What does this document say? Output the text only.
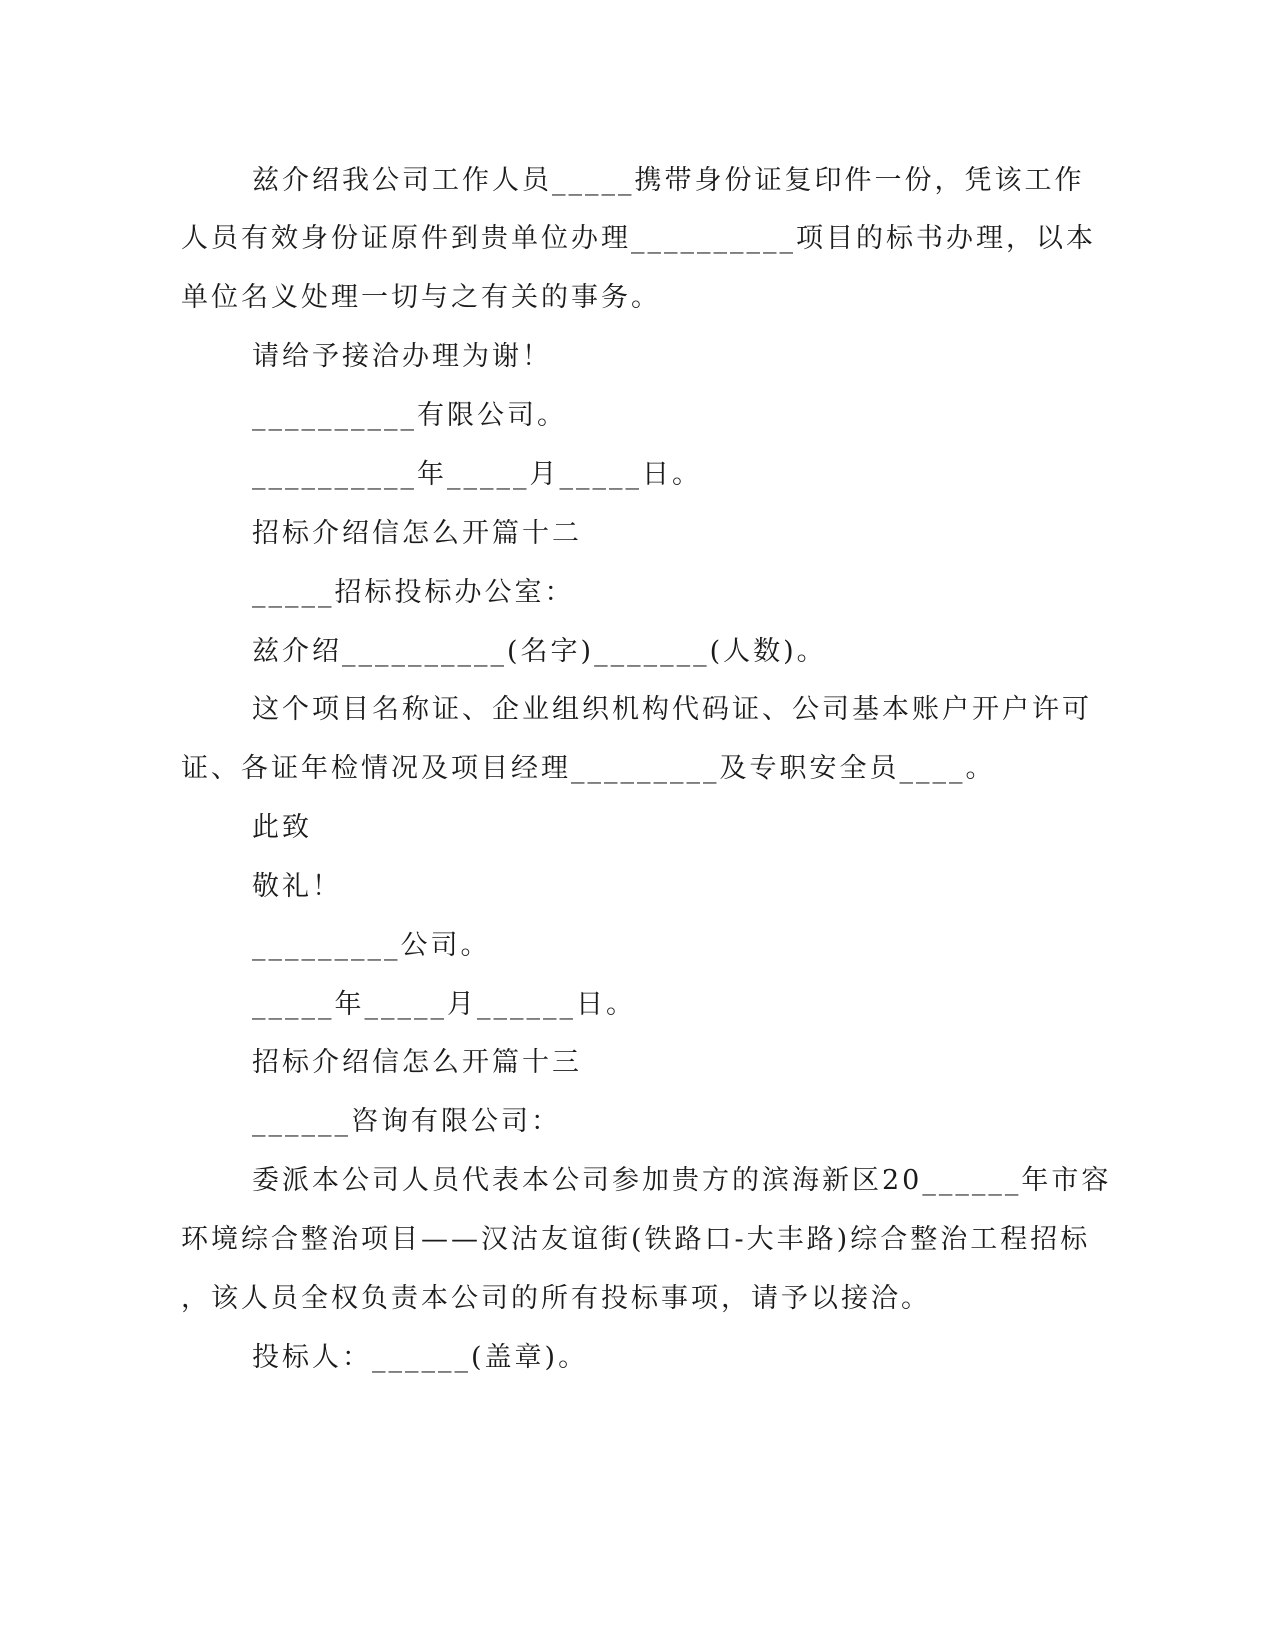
兹介绍我公司工作人员_____携带身份证复印件一份，凭该工作
人员有效身份证原件到贵单位办理__________项目的标书办理，以本
单位名义处理一切与之有关的事务。
请给予接洽办理为谢！
__________有限公司。
__________年_____月_____日。
招标介绍信怎么开篇十二
_____招标投标办公室：
兹介绍__________(名字)_______(人数)。
这个项目名称证、企业组织机构代码证、公司基本账户开户许可
证、各证年检情况及项目经理_________及专职安全员____。
此致
敬礼！
_________公司。
_____年_____月______日。
招标介绍信怎么开篇十三
______咨询有限公司：
委派本公司人员代表本公司参加贵方的滨海新区20______年市容
环境综合整治项目——汉沽友谊街(铁路口-大丰路)综合整治工程招标
，该人员全权负责本公司的所有投标事项，请予以接洽。
投标人：______(盖章)。
